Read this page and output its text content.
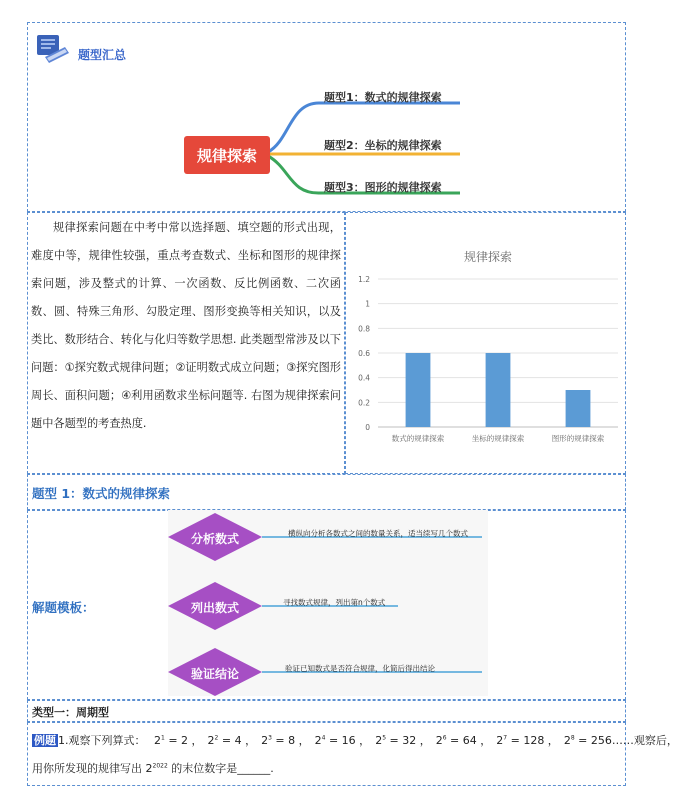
题型汇总
规律探索
题型1：数式的规律探索
题型2：坐标的规律探索
题型3：图形的规律探索
规律探索问题在中考中常以选择题、填空题的形式出现，难度中等，规律性较强，重点考查数式、坐标和图形的规律探索问题，涉及整式的计算、一次函数、反比例函数、二次函数、圆、特殊三角形、勾股定理、图形变换等相关知识，以及类比、数形结合、转化与化归等数学思想. 此类题型常涉及以下问题：①探究数式规律问题；②证明数式成立问题；③探究图形周长、面积问题；④利用函数求坐标问题等. 右图为规律探索问题中各题型的考查热度.
规律探索
0
0.2
0.4
0.6
0.8
1
1.2
数式的规律探索	坐标的规律探索	图形的规律探索
题型 1：数式的规律探索
解题模板：
分析数式	横纵向分析各数式之间的数量关系，适当续写几个数式
列出数式	寻找数式规律，列出第n个数式
验证结论	验证已知数式是否符合规律，化简后得出结论
类型一：周期型
例题 1.观察下列算式： $2^1 = 2$ ， $2^2 = 4$ ， $2^3 = 8$ ， $2^4 = 16$ ， $2^5 = 32$ ， $2^6 = 64$ ， $2^7 = 128$ ， $2^8$ = 256……观察后，
用你所发现的规律写出 $2^{2022}$ 的末位数字是______.
